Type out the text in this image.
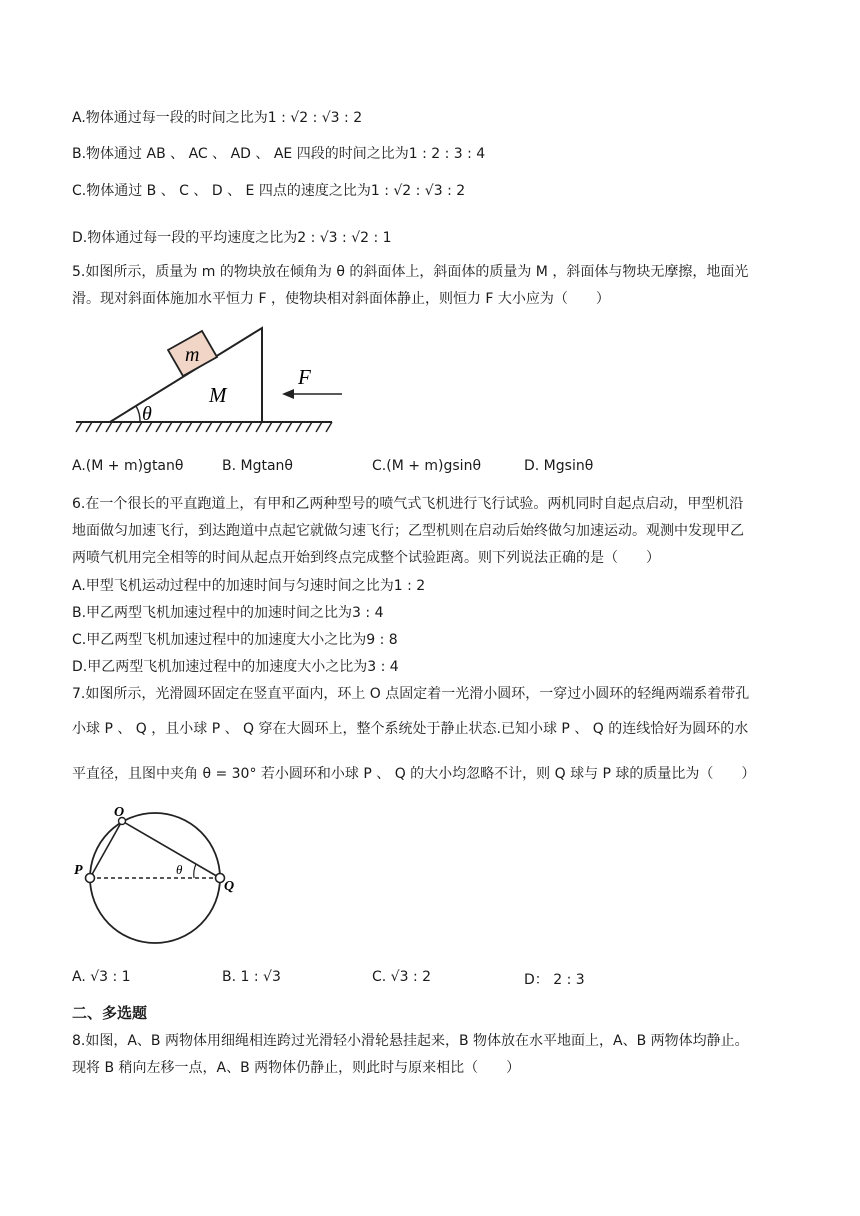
A.物体通过每一段的时间之比为1 : √2 : √3 : 2
B.物体通过 AB 、 AC 、 AD 、 AE 四段的时间之比为1 : 2 : 3 : 4
C.物体通过 B 、 C 、 D 、 E 四点的速度之比为1 : √2 : √3 : 2
D.物体通过每一段的平均速度之比为2 : √3 : √2 : 1
5.如图所示，质量为 m 的物块放在倾角为 θ 的斜面体上，斜面体的质量为 M ，斜面体与物块无摩擦，地面光
滑。现对斜面体施加水平恒力 F ，使物块相对斜面体静止，则恒力 F 大小应为（　　）
m
M
θ
F
A.(M + m)gtanθ	B. Mgtanθ	C.(M + m)gsinθ	D. Mgsinθ
6.在一个很长的平直跑道上，有甲和乙两种型号的喷气式飞机进行飞行试验。两机同时自起点启动，甲型机沿
地面做匀加速飞行，到达跑道中点起它就做匀速飞行；乙型机则在启动后始终做匀加速运动。观测中发现甲乙
两喷气机用完全相等的时间从起点开始到终点完成整个试验距离。则下列说法正确的是（　　）
A.甲型飞机运动过程中的加速时间与匀速时间之比为1 : 2
B.甲乙两型飞机加速过程中的加速时间之比为3 : 4
C.甲乙两型飞机加速过程中的加速度大小之比为9 : 8
D.甲乙两型飞机加速过程中的加速度大小之比为3 : 4
7.如图所示，光滑圆环固定在竖直平面内，环上 O 点固定着一光滑小圆环，一穿过小圆环的轻绳两端系着带孔
小球 P 、 Q ，且小球 P 、 Q 穿在大圆环上，整个系统处于静止状态.已知小球 P 、 Q 的连线恰好为圆环的水
平直径，且图中夹角 θ = 30° 若小圆环和小球 P 、 Q 的大小均忽略不计，则 Q 球与 P 球的质量比为（　　）
O
P
Q
θ
A. √3 : 1	B. 1 : √3	C. √3 : 2	D： 2 : 3
二、多选题
8.如图，A、B 两物体用细绳相连跨过光滑轻小滑轮悬挂起来，B 物体放在水平地面上，A、B 两物体均静止。
现将 B 稍向左移一点，A、B 两物体仍静止，则此时与原来相比（　　）
